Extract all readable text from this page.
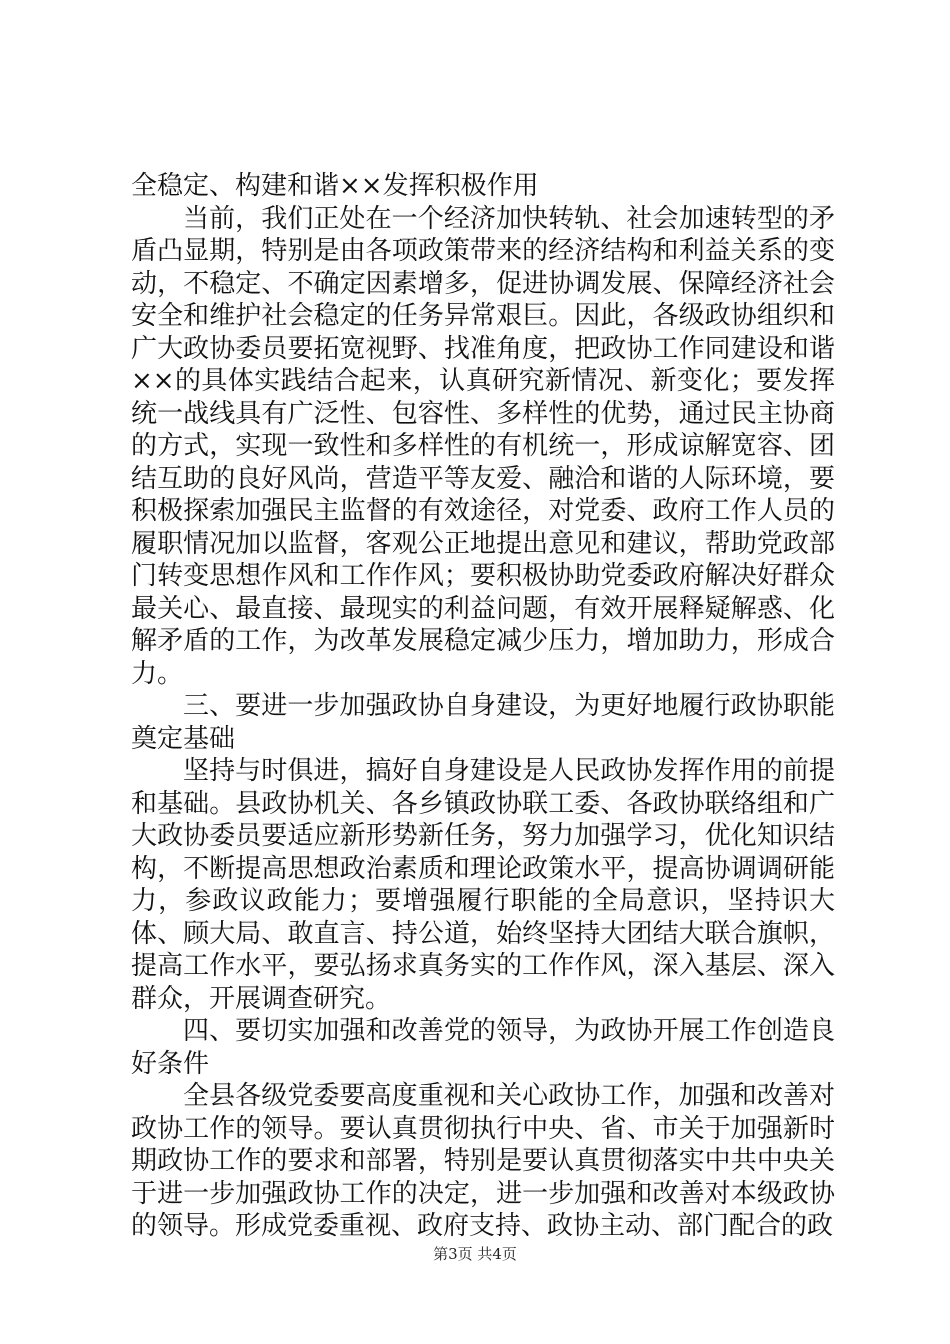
全稳定、构建和谐××发挥积极作用

当前，我们正处在一个经济加快转轨、社会加速转型的矛盾凸显期，特别是由各项政策带来的经济结构和利益关系的变动，不稳定、不确定因素增多，促进协调发展、保障经济社会安全和维护社会稳定的任务异常艰巨。因此，各级政协组织和广大政协委员要拓宽视野、找准角度，把政协工作同建设和谐××的具体实践结合起来，认真研究新情况、新变化；要发挥统一战线具有广泛性、包容性、多样性的优势，通过民主协商的方式，实现一致性和多样性的有机统一，形成谅解宽容、团结互助的良好风尚，营造平等友爱、融洽和谐的人际环境，要积极探索加强民主监督的有效途径，对党委、政府工作人员的履职情况加以监督，客观公正地提出意见和建议，帮助党政部门转变思想作风和工作作风；要积极协助党委政府解决好群众最关心、最直接、最现实的利益问题，有效开展释疑解惑、化解矛盾的工作，为改革发展稳定减少压力，增加助力，形成合力。

三、要进一步加强政协自身建设，为更好地履行政协职能奠定基础

坚持与时俱进，搞好自身建设是人民政协发挥作用的前提和基础。县政协机关、各乡镇政协联工委、各政协联络组和广大政协委员要适应新形势新任务，努力加强学习，优化知识结构，不断提高思想政治素质和理论政策水平，提高协调调研能力，参政议政能力；要增强履行职能的全局意识，坚持识大体、顾大局、敢直言、持公道，始终坚持大团结大联合旗帜，提高工作水平，要弘扬求真务实的工作作风，深入基层、深入群众，开展调查研究。

四、要切实加强和改善党的领导，为政协开展工作创造良好条件

全县各级党委要高度重视和关心政协工作，加强和改善对政协工作的领导。要认真贯彻执行中央、省、市关于加强新时期政协工作的要求和部署，特别是要认真贯彻落实中共中央关于进一步加强政协工作的决定，进一步加强和改善对本级政协的领导。形成党委重视、政府支持、政协主动、部门配合的政

第3页 共4页
